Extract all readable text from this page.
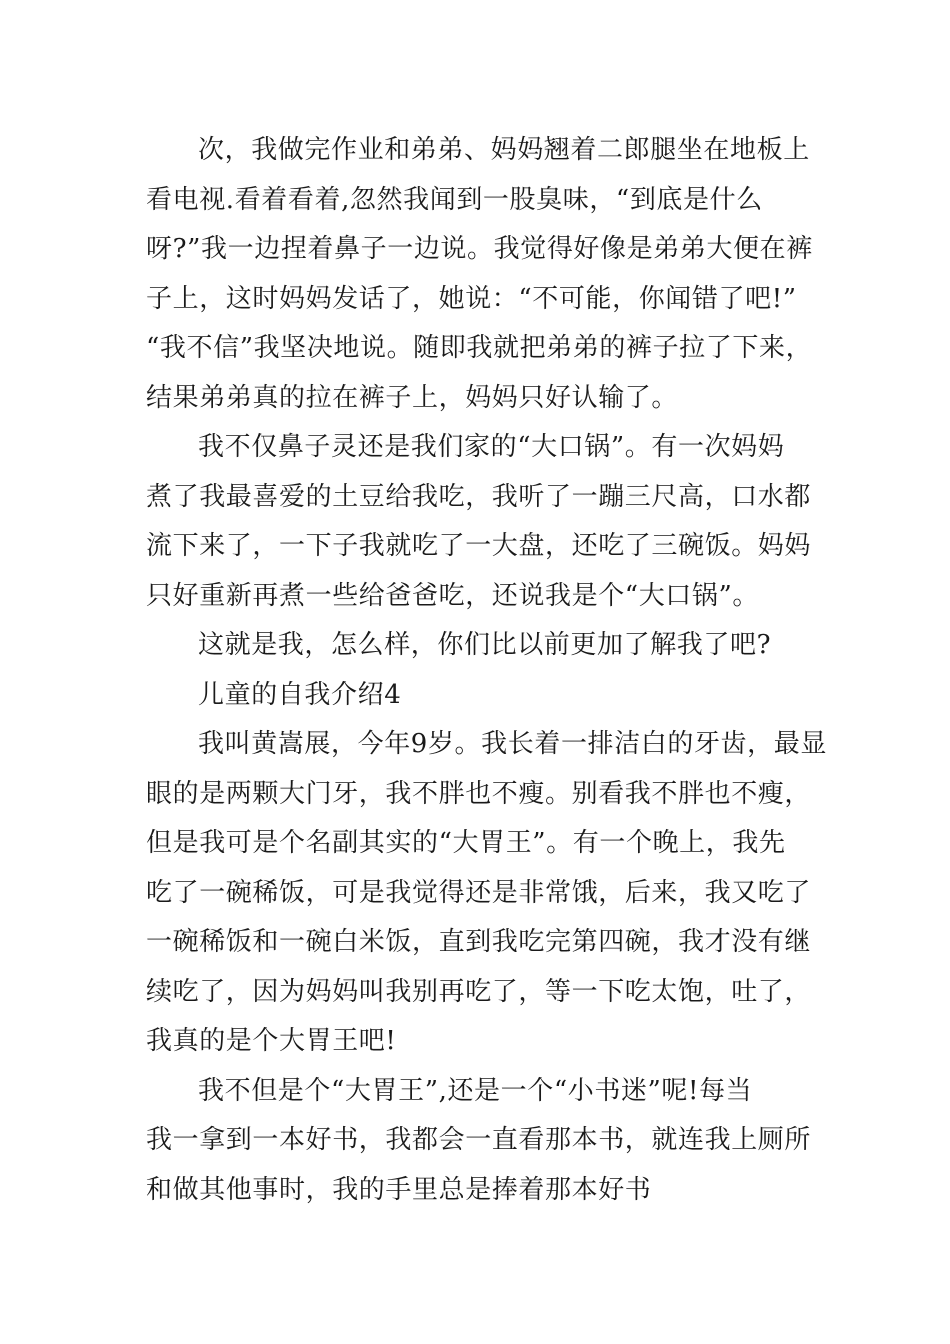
次，我做完作业和弟弟、妈妈翘着二郎腿坐在地板上
看电视.看着看着,忽然我闻到一股臭味，“到底是什么
呀?”我一边捏着鼻子一边说。我觉得好像是弟弟大便在裤
子上，这时妈妈发话了，她说：“不可能，你闻错了吧!”
“我不信”我坚决地说。随即我就把弟弟的裤子拉了下来，
结果弟弟真的拉在裤子上，妈妈只好认输了。
我不仅鼻子灵还是我们家的“大口锅”。有一次妈妈
煮了我最喜爱的土豆给我吃，我听了一蹦三尺高，口水都
流下来了，一下子我就吃了一大盘，还吃了三碗饭。妈妈
只好重新再煮一些给爸爸吃，还说我是个“大口锅”。
这就是我，怎么样，你们比以前更加了解我了吧?
儿童的自我介绍4
我叫黄嵩展，今年9岁。我长着一排洁白的牙齿，最显
眼的是两颗大门牙，我不胖也不瘦。别看我不胖也不瘦，
但是我可是个名副其实的“大胃王”。有一个晚上，我先
吃了一碗稀饭，可是我觉得还是非常饿，后来，我又吃了
一碗稀饭和一碗白米饭，直到我吃完第四碗，我才没有继
续吃了，因为妈妈叫我别再吃了，等一下吃太饱，吐了，
我真的是个大胃王吧!
我不但是个“大胃王”,还是一个“小书迷”呢!每当
我一拿到一本好书，我都会一直看那本书，就连我上厕所
和做其他事时，我的手里总是捧着那本好书
